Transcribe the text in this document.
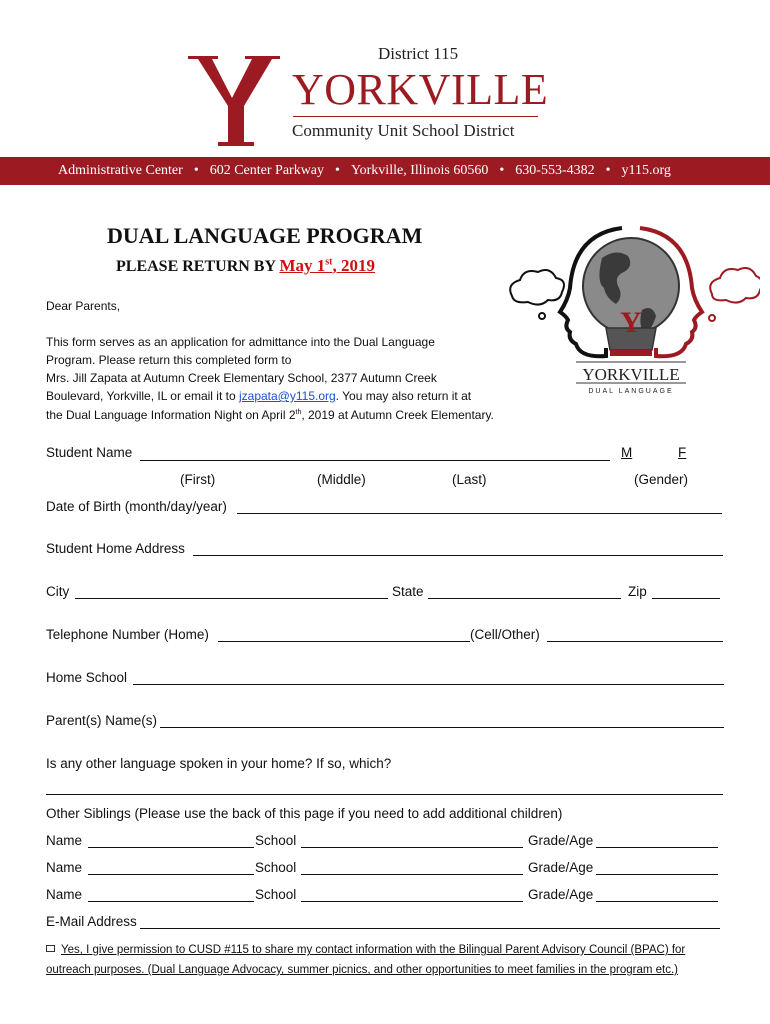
District 115
YORKVILLE
Community Unit School District
Administrative Center • 602 Center Parkway • Yorkville, Illinois 60560 • 630-553-4382 • y115.org
DUAL LANGUAGE PROGRAM
PLEASE RETURN BY May 1st, 2019
Y
YORKVILLE
DUAL LANGUAGE
Dear Parents,
This form serves as an application for admittance into the Dual Language
Program. Please return this completed form to
Mrs. Jill Zapata at Autumn Creek Elementary School, 2377 Autumn Creek
Boulevard, Yorkville, IL or email it to jzapata@y115.org. You may also return it at
the Dual Language Information Night on April 2th, 2019 at Autumn Creek Elementary.
Student Name	M	F
(First)	(Middle)	(Last)	(Gender)
Date of Birth (month/day/year)
Student Home Address
City	State	Zip
Telephone Number (Home)	(Cell/Other)
Home School
Parent(s) Name(s)
Is any other language spoken in your home? If so, which?
Other Siblings (Please use the back of this page if you need to add additional children)
Name	School	Grade/Age
Name	School	Grade/Age
Name	School	Grade/Age
E-Mail Address
Yes, I give permission to CUSD #115 to share my contact information with the Bilingual Parent Advisory Council (BPAC) for
outreach purposes. (Dual Language Advocacy, summer picnics, and other opportunities to meet families in the program etc.)
